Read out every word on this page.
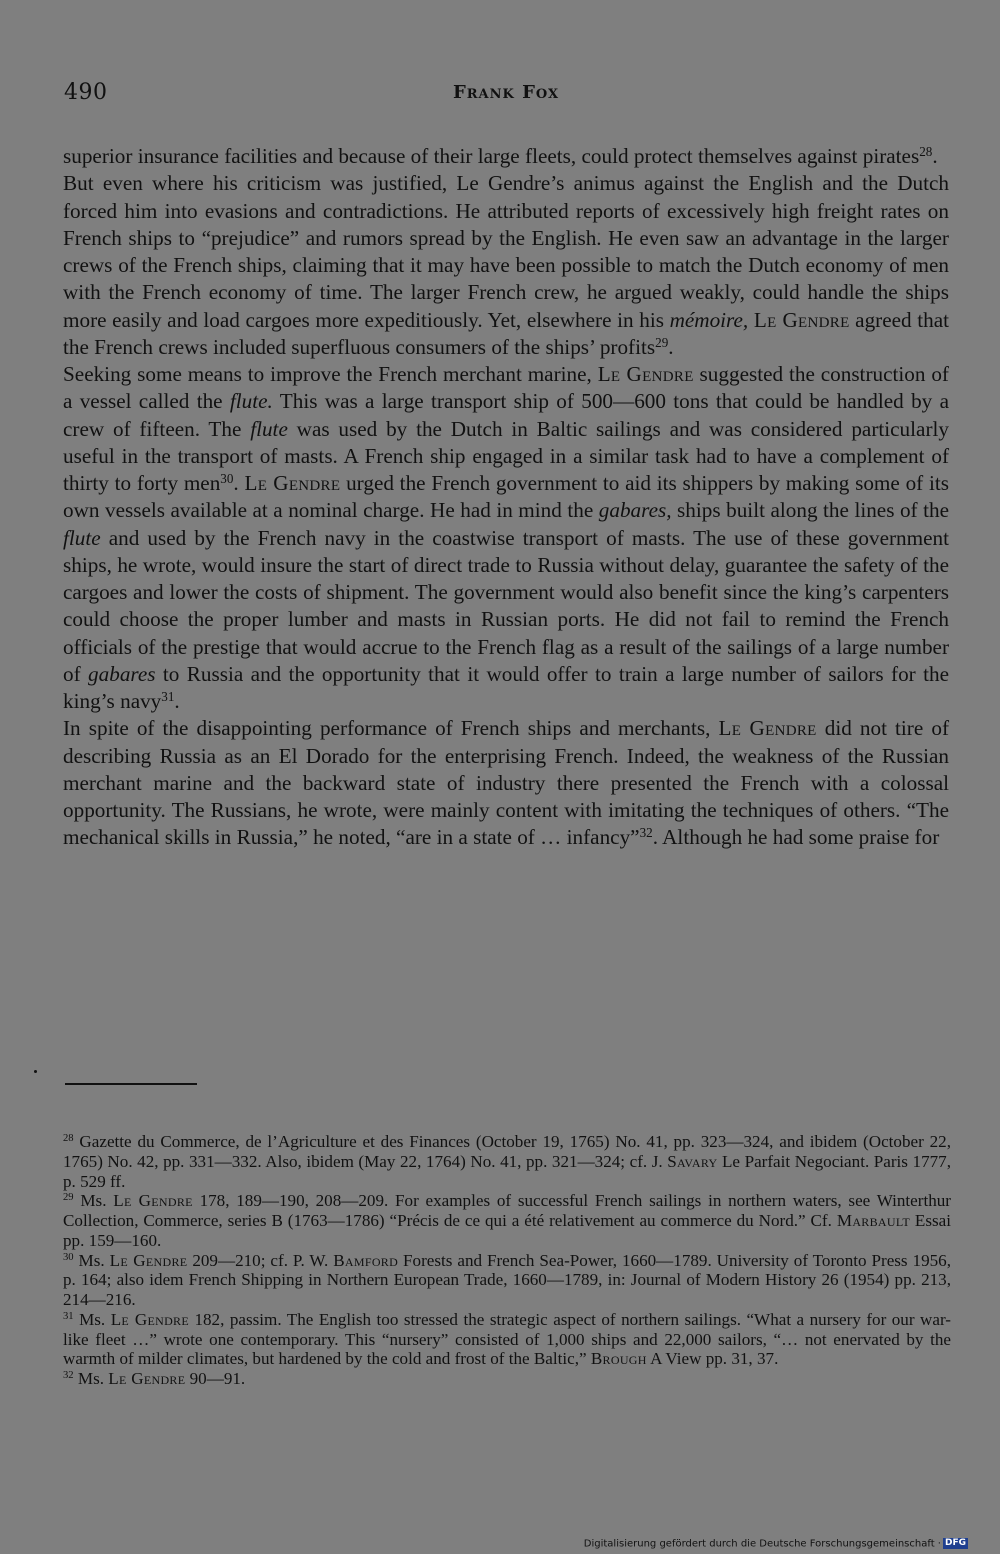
490	Frank Fox

superior insurance facilities and because of their large fleets, could protect themselves against pirates$^{28}$.

But even where his criticism was justified, Le Gendre’s animus against the English and the Dutch forced him into evasions and contradictions. He attributed reports of excessively high freight rates on French ships to “prejudice” and rumors spread by the English. He even saw an advantage in the larger crews of the French ships, claiming that it may have been possible to match the Dutch economy of men with the French economy of time. The larger French crew, he argued weakly, could handle the ships more easily and load cargoes more expeditiously. Yet, elsewhere in his mémoire, Le Gendre agreed that the French crews included superfluous consumers of the ships’ profits$^{29}$.

Seeking some means to improve the French merchant marine, Le Gendre suggested the construction of a vessel called the flute. This was a large transport ship of 500—600 tons that could be handled by a crew of fifteen. The flute was used by the Dutch in Baltic sailings and was considered particularly useful in the transport of masts. A French ship engaged in a similar task had to have a complement of thirty to forty men$^{30}$. Le Gendre urged the French government to aid its shippers by making some of its own vessels available at a nominal charge. He had in mind the gabares, ships built along the lines of the flute and used by the French navy in the coastwise transport of masts. The use of these government ships, he wrote, would insure the start of direct trade to Russia without delay, guarantee the safety of the cargoes and lower the costs of shipment. The government would also benefit since the king’s carpenters could choose the proper lumber and masts in Russian ports. He did not fail to remind the French officials of the prestige that would accrue to the French flag as a result of the sailings of a large number of gabares to Russia and the opportunity that it would offer to train a large number of sailors for the king’s navy$^{31}$.

In spite of the disappointing performance of French ships and merchants, Le Gendre did not tire of describing Russia as an El Dorado for the enterprising French. Indeed, the weakness of the Russian merchant marine and the backward state of industry there presented the French with a colossal opportunity. The Russians, he wrote, were mainly content with imitating the techniques of others. “The mechanical skills in Russia,” he noted, “are in a state of … infancy”$^{32}$. Although he had some praise for

$^{28}$ Gazette du Commerce, de l’Agriculture et des Finances (October 19, 1765) No. 41, pp. 323—324, and ibidem (October 22, 1765) No. 42, pp. 331—332. Also, ibidem (May 22, 1764) No. 41, pp. 321—324; cf. J. Savary Le Parfait Negociant. Paris 1777, p. 529 ff.

$^{29}$ Ms. Le Gendre 178, 189—190, 208—209. For examples of successful French sailings in northern waters, see Winterthur Collection, Commerce, series B (1763—1786) “Précis de ce qui a été relativement au commerce du Nord.” Cf. Marbault Essai pp. 159—160.

$^{30}$ Ms. Le Gendre 209—210; cf. P. W. Bamford Forests and French Sea-Power, 1660—1789. University of Toronto Press 1956, p. 164; also idem French Shipping in Northern European Trade, 1660—1789, in: Journal of Modern History 26 (1954) pp. 213, 214—216.

$^{31}$ Ms. Le Gendre 182, passim. The English too stressed the strategic aspect of northern sailings. “What a nursery for our war-like fleet …” wrote one contemporary. This “nursery” consisted of 1,000 ships and 22,000 sailors, “… not enervated by the warmth of milder climates, but hardened by the cold and frost of the Baltic,” Brough A View pp. 31, 37.

$^{32}$ Ms. Le Gendre 90—91.

Digitalisierung gefördert durch die Deutsche Forschungsgemeinschaft · DFG
